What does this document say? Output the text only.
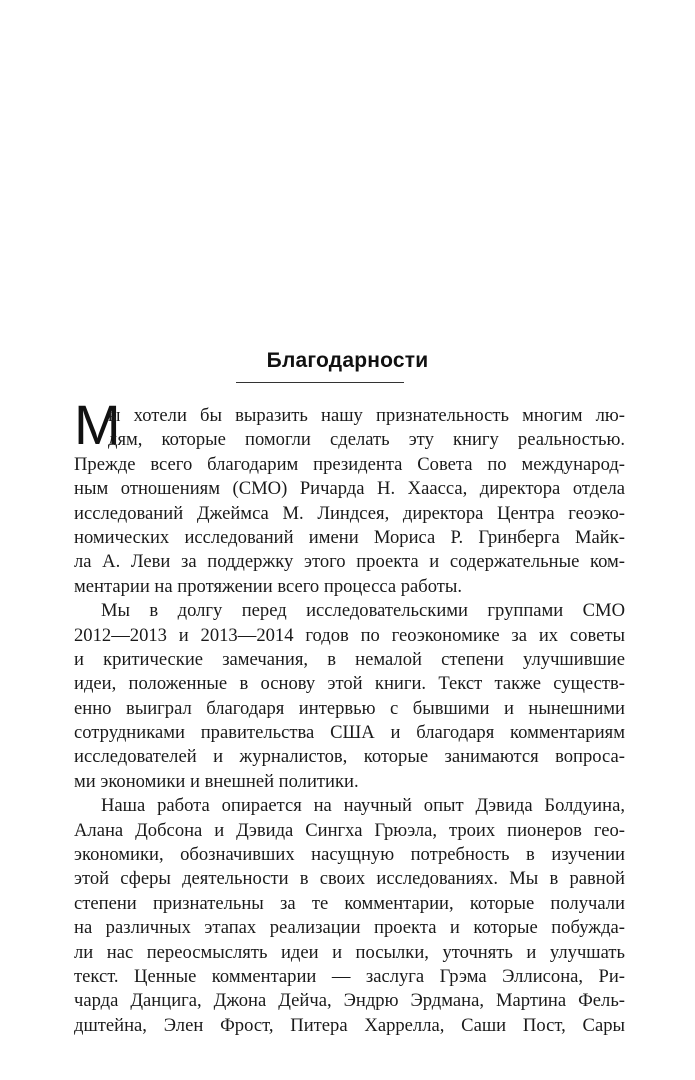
Благодарности
М
ы хотели бы выразить нашу признательность многим лю-
дям, которые помогли сделать эту книгу реальностью.
Прежде всего благодарим президента Совета по международ-
ным отношениям (СМО) Ричарда Н. Хаасса, директора отдела
исследований Джеймса М. Линдсея, директора Центра геоэко-
номических исследований имени Мориса Р. Гринберга Майк-
ла А. Леви за поддержку этого проекта и содержательные ком-
ментарии на протяжении всего процесса работы.
Мы в долгу перед исследовательскими группами СМО
2012—2013 и 2013—2014 годов по геоэкономике за их советы
и критические замечания, в немалой степени улучшившие
идеи, положенные в основу этой книги. Текст также существ-
енно выиграл благодаря интервью с бывшими и нынешними
сотрудниками правительства США и благодаря комментариям
исследователей и журналистов, которые занимаются вопроса-
ми экономики и внешней политики.
Наша работа опирается на научный опыт Дэвида Болдуина,
Алана Добсона и Дэвида Сингха Грюэла, троих пионеров гео-
экономики, обозначивших насущную потребность в изучении
этой сферы деятельности в своих исследованиях. Мы в равной
степени признательны за те комментарии, которые получали
на различных этапах реализации проекта и которые побужда-
ли нас переосмыслять идеи и посылки, уточнять и улучшать
текст. Ценные комментарии — заслуга Грэма Эллисона, Ри-
чарда Данцига, Джона Дейча, Эндрю Эрдмана, Мартина Фель-
дштейна, Элен Фрост, Питера Харрелла, Саши Пост, Сары
